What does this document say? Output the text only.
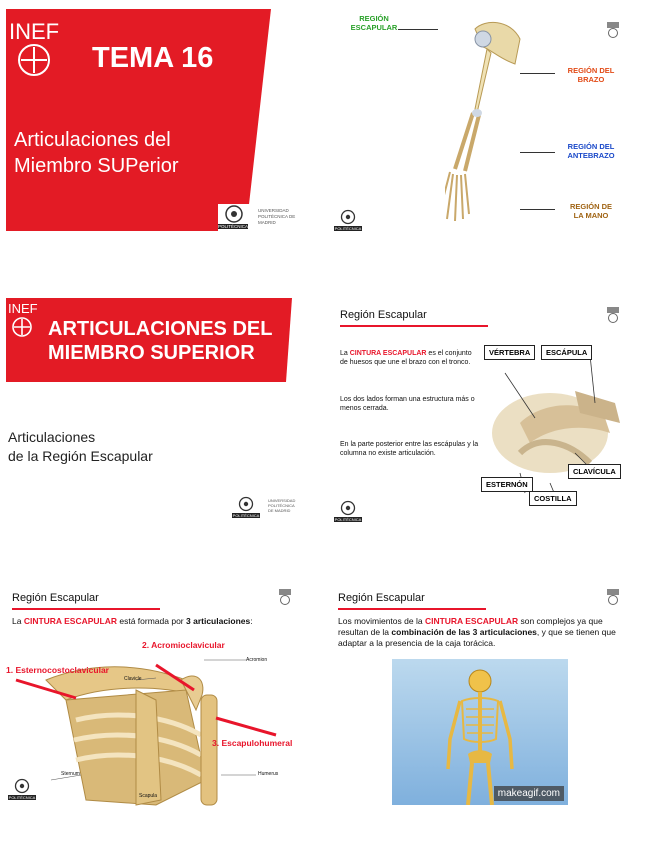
INEF
TEMA 16
Articulaciones del
Miembro SUPerior
POLITÉCNICA
UNIVERSIDAD POLITÉCNICA DE MADRID
REGIÓN
ESCAPULAR
REGIÓN DEL
BRAZO
REGIÓN DEL
ANTEBRAZO
REGIÓN DE
LA MANO
POLITÉCNICA
INEF
ARTICULACIONES DEL
MIEMBRO SUPERIOR
Articulaciones
de la Región Escapular
POLITÉCNICA
UNIVERSIDAD POLITÉCNICA DE MADRID
Región Escapular
La CINTURA ESCAPULAR es el conjunto de huesos que une el brazo con el tronco.
Los dos lados forman una estructura más o menos cerrada.
En la parte posterior entre las escápulas y la columna no existe articulación.
VÉRTEBRA	ESCÁPULA
CLAVÍCULA
ESTERNÓN
COSTILLA
POLITÉCNICA
Región Escapular
La CINTURA ESCAPULAR está formada por 3 articulaciones:
2. Acromioclavicular
1. Esternocostoclavicular
3. Escapulohumeral
Clavicle
Acromion
Sternum
Scapula
Humerus
POLITÉCNICA
Región Escapular
Los movimientos de la CINTURA ESCAPULAR son complejos ya que resultan de la combinación de las 3 articulaciones, y que se tienen que adaptar a la presencia de la caja torácica.
makeagif.com
